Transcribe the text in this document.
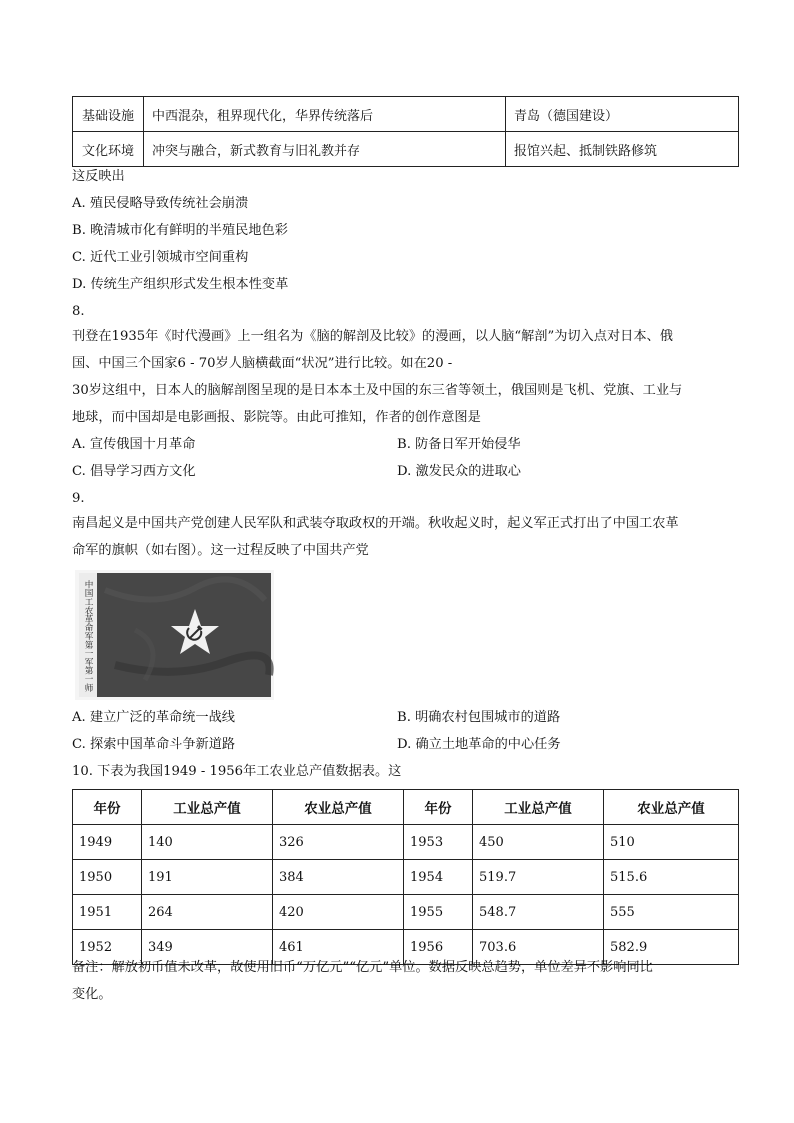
基础设施	中西混杂，租界现代化，华界传统落后	青岛（德国建设）
文化环境	冲突与融合，新式教育与旧礼教并存	报馆兴起、抵制铁路修筑
这反映出
A. 殖民侵略导致传统社会崩溃
B. 晚清城市化有鲜明的半殖民地色彩
C. 近代工业引领城市空间重构
D. 传统生产组织形式发生根本性变革
8.
刊登在1935年《时代漫画》上一组名为《脑的解剖及比较》的漫画，以人脑“解剖”为切入点对日本、俄
国、中国三个国家6 - 70岁人脑横截面“状况”进行比较。如在20 -
30岁这组中，日本人的脑解剖图呈现的是日本本土及中国的东三省等领土，俄国则是飞机、党旗、工业与
地球，而中国却是电影画报、影院等。由此可推知，作者的创作意图是
A. 宣传俄国十月革命	B. 防备日军开始侵华
C. 倡导学习西方文化	D. 激发民众的进取心
9.
南昌起义是中国共产党创建人民军队和武装夺取政权的开端。秋收起义时，起义军正式打出了中国工农革
命军的旗帜（如右图）。这一过程反映了中国共产党
中国工农革命军第一军第一师
A. 建立广泛的革命统一战线	B. 明确农村包围城市的道路
C. 探索中国革命斗争新道路	D. 确立土地革命的中心任务
10. 下表为我国1949 - 1956年工农业总产值数据表。这
年份	工业总产值	农业总产值	年份	工业总产值	农业总产值
1949	140	326	1953	450	510
1950	191	384	1954	519.7	515.6
1951	264	420	1955	548.7	555
1952	349	461	1956	703.6	582.9
备注：解放初币值未改革，故使用旧币“万亿元”“亿元”单位。数据反映总趋势，单位差异不影响同比
变化。
